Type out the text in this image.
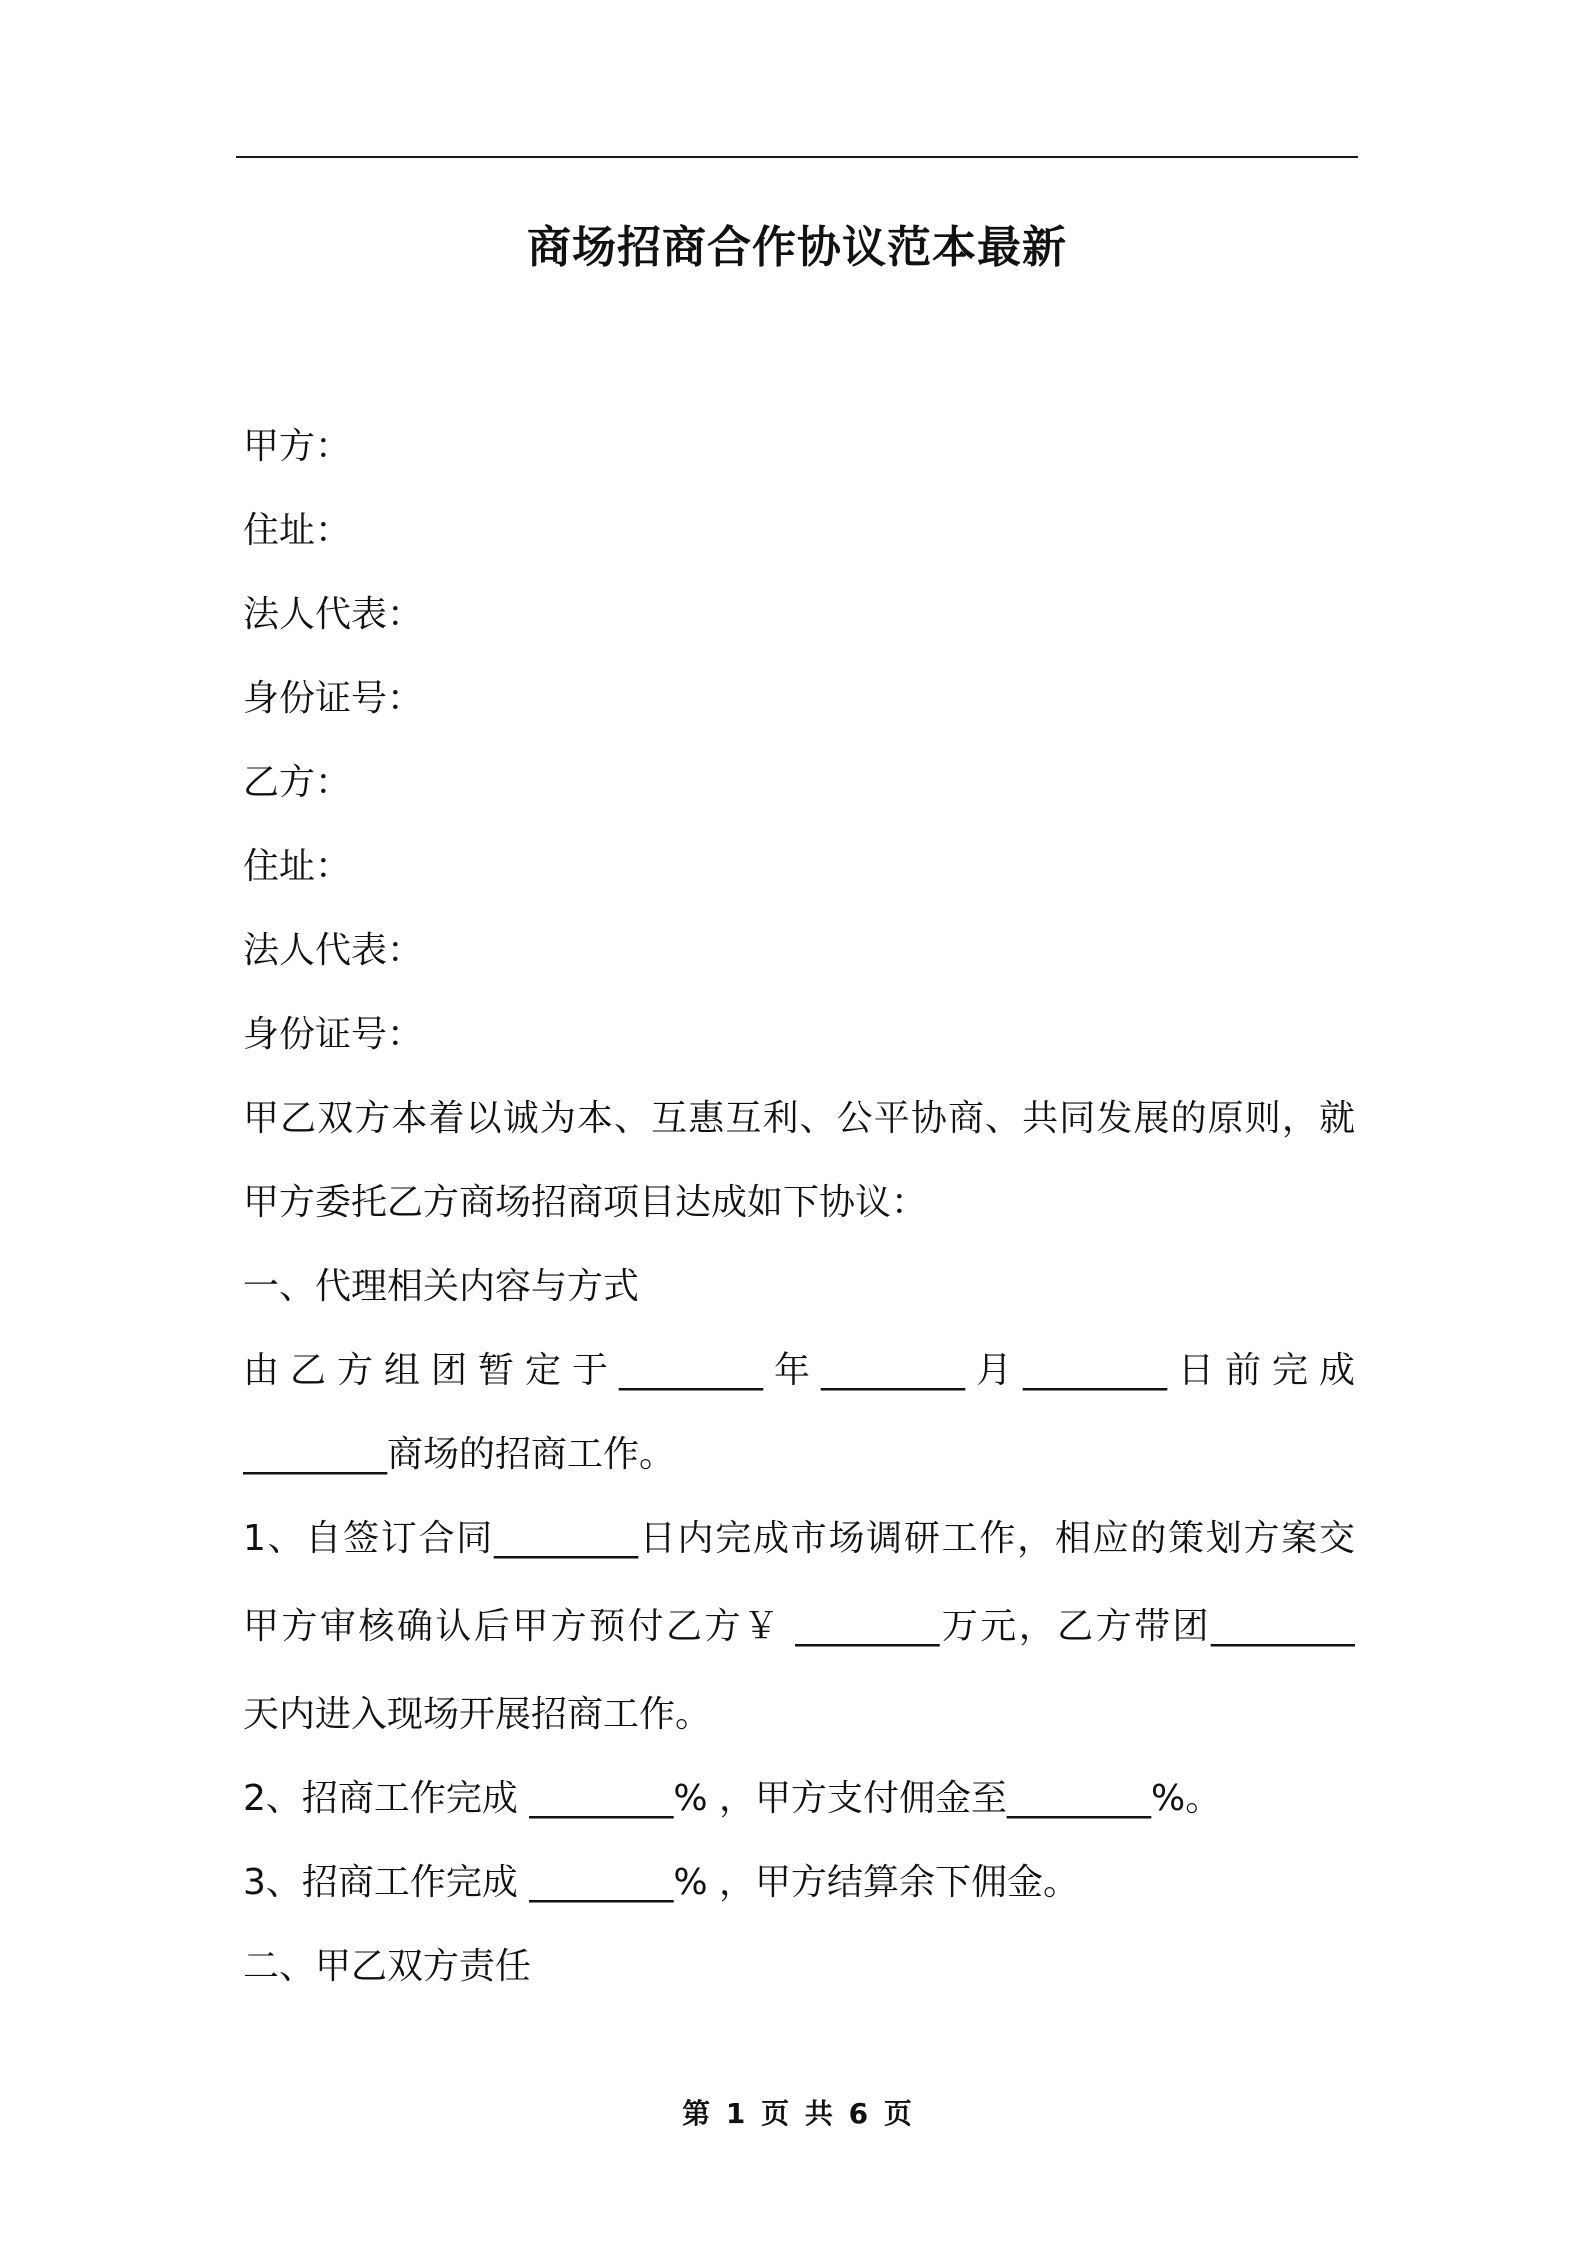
商场招商合作协议范本最新
甲方：
住址：
法人代表：
身份证号：
乙方：
住址：
法人代表：
身份证号：
甲乙双方本着以诚为本、互惠互利、公平协商、共同发展的原则，就
甲方委托乙方商场招商项目达成如下协议：
一、代理相关内容与方式
由乙方组团暂定于________年________月________日前完成
________商场的招商工作。
1、自签订合同________日内完成市场调研工作，相应的策划方案交
甲方审核确认后甲方预付乙方￥ ________万元，乙方带团________
天内进入现场开展招商工作。
2、招商工作完成 ________% ，甲方支付佣金至________%。
3、招商工作完成 ________% ，甲方结算余下佣金。
二、甲乙双方责任
第 1 页 共 6 页
